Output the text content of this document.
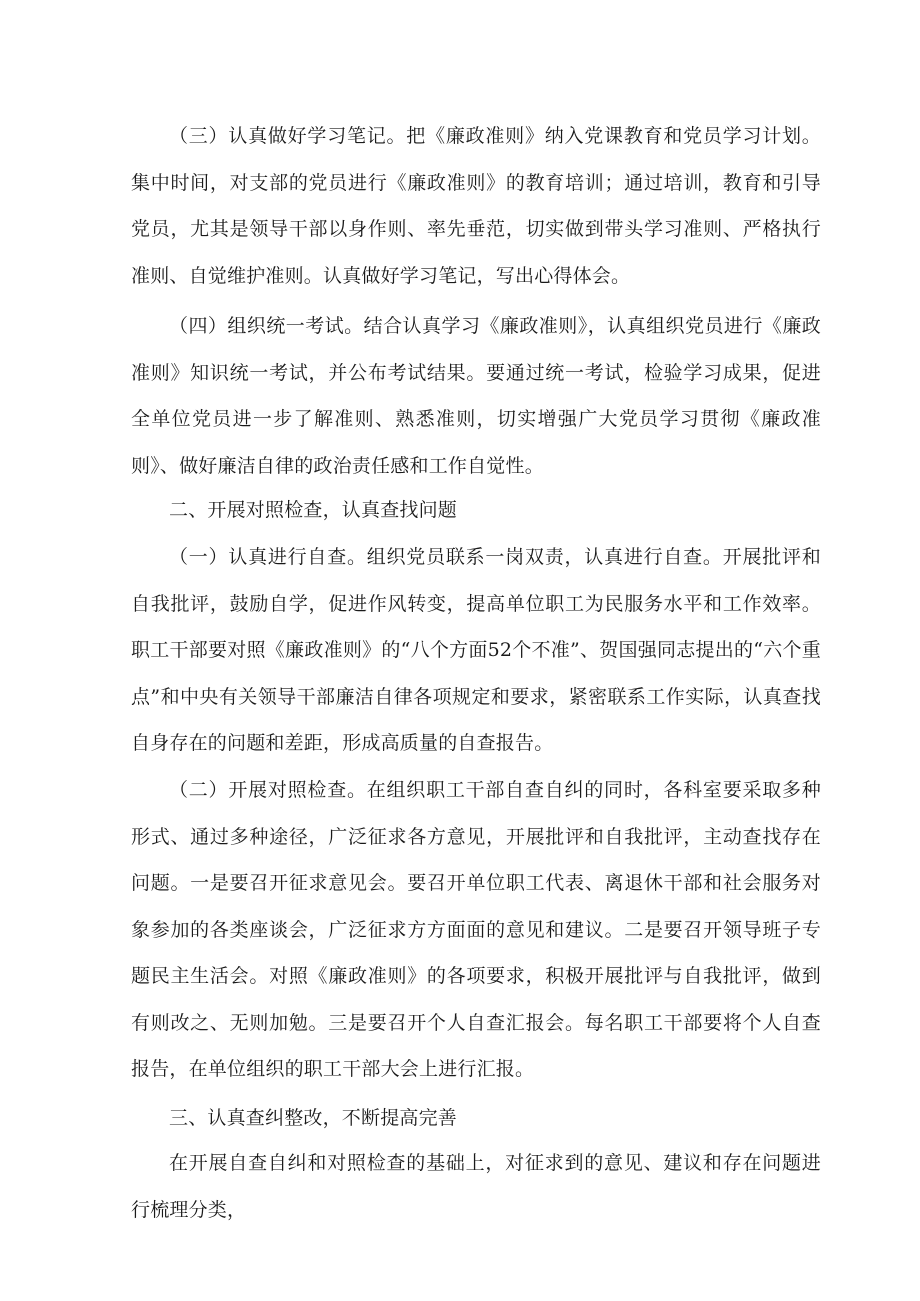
（三）认真做好学习笔记。把《廉政准则》纳入党课教育和党员学习计划。集中时间，对支部的党员进行《廉政准则》的教育培训；通过培训，教育和引导党员，尤其是领导干部以身作则、率先垂范，切实做到带头学习准则、严格执行准则、自觉维护准则。认真做好学习笔记，写出心得体会。

（四）组织统一考试。结合认真学习《廉政准则》，认真组织党员进行《廉政准则》知识统一考试，并公布考试结果。要通过统一考试，检验学习成果，促进全单位党员进一步了解准则、熟悉准则，切实增强广大党员学习贯彻《廉政准则》、做好廉洁自律的政治责任感和工作自觉性。

二、开展对照检查，认真查找问题

（一）认真进行自查。组织党员联系一岗双责，认真进行自查。开展批评和自我批评，鼓励自学，促进作风转变，提高单位职工为民服务水平和工作效率。职工干部要对照《廉政准则》的“八个方面52个不准”、贺国强同志提出的“六个重点”和中央有关领导干部廉洁自律各项规定和要求，紧密联系工作实际，认真查找自身存在的问题和差距，形成高质量的自查报告。

（二）开展对照检查。在组织职工干部自查自纠的同时，各科室要采取多种形式、通过多种途径，广泛征求各方意见，开展批评和自我批评，主动查找存在问题。一是要召开征求意见会。要召开单位职工代表、离退休干部和社会服务对象参加的各类座谈会，广泛征求方方面面的意见和建议。二是要召开领导班子专题民主生活会。对照《廉政准则》的各项要求，积极开展批评与自我批评，做到有则改之、无则加勉。三是要召开个人自查汇报会。每名职工干部要将个人自查报告，在单位组织的职工干部大会上进行汇报。

三、认真查纠整改，不断提高完善

在开展自查自纠和对照检查的基础上，对征求到的意见、建议和存在问题进行梳理分类，
